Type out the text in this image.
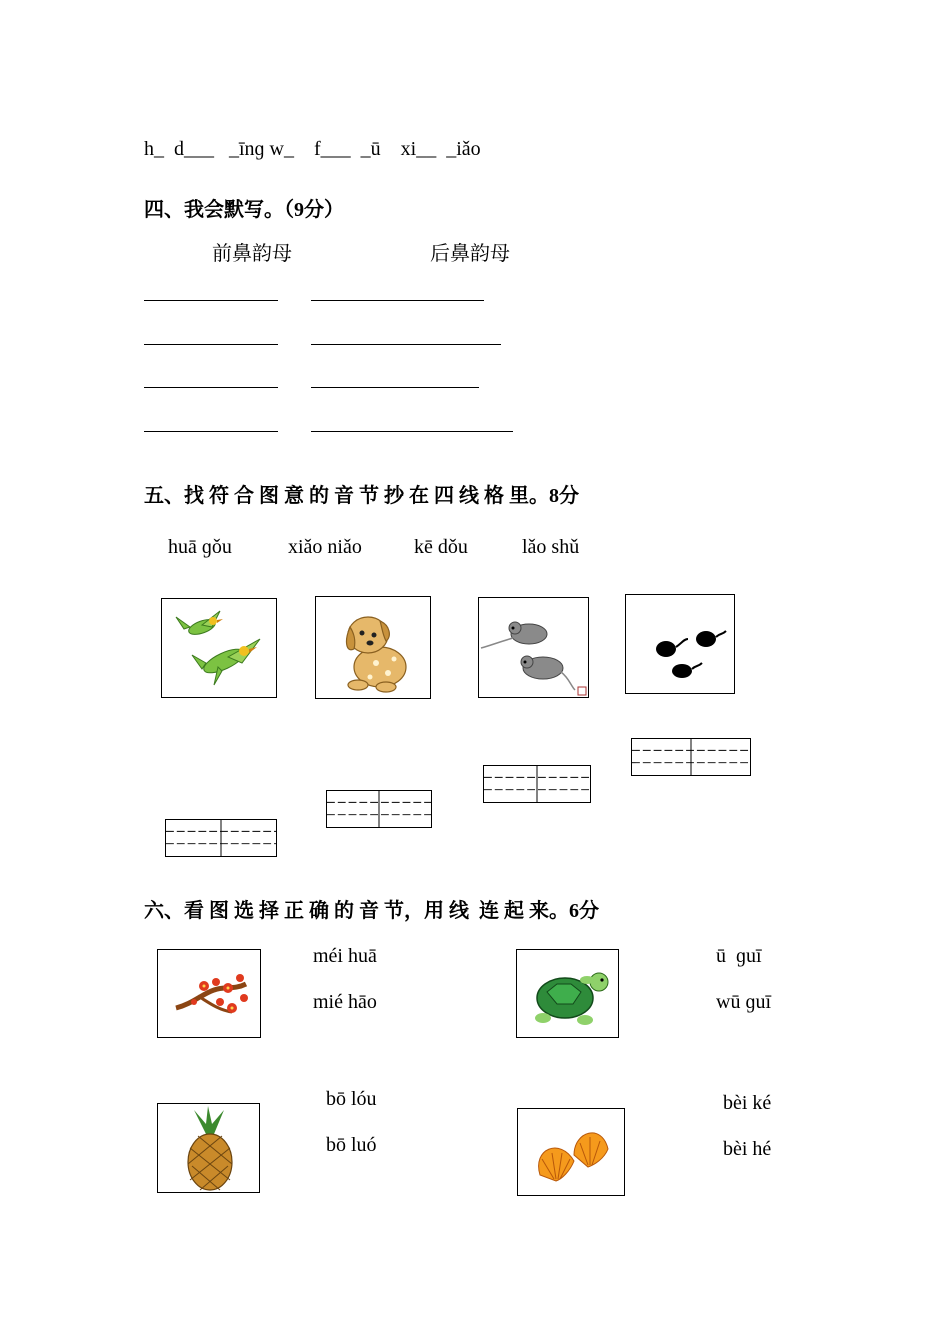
h_  d___   _īnɡ w_    f___  _ū    xi__  _iǎo
四、我会默写。（9分）
前鼻韵母	后鼻韵母
五、找 符 合 图 意 的 音 节 抄 在 四 线 格 里。8分
huā ɡǒu	xiǎo niǎo	kē dǒu	lǎo shǔ
六、看 图 选 择 正 确 的 音 节，用 线  连 起 来。6分
méi huā
mié hāo
ū  ɡuī
wū ɡuī
bō lóu
bō luó
bèi ké
bèi hé
